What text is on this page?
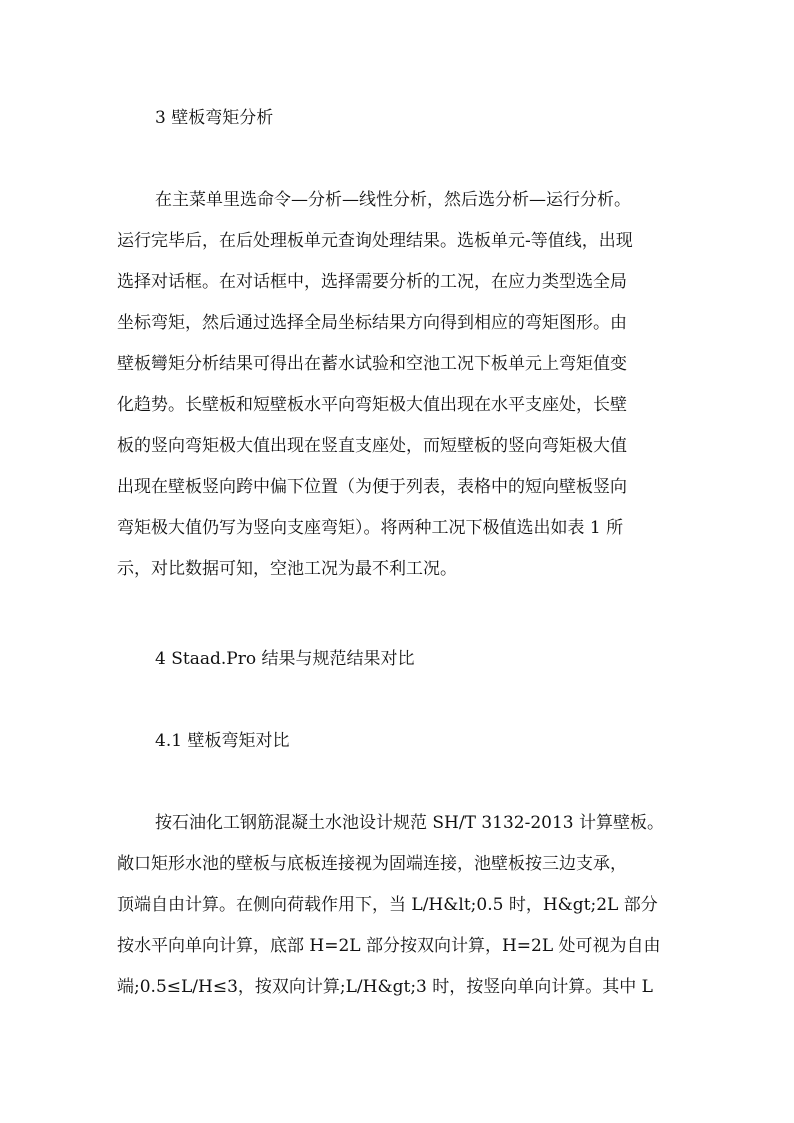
3 壁板弯矩分析
在主菜单里选命令—分析—线性分析，然后选分析—运行分析。
运行完毕后，在后处理板单元查询处理结果。选板单元-等值线，出现
选择对话框。在对话框中，选择需要分析的工况，在应力类型选全局
坐标弯矩，然后通过选择全局坐标结果方向得到相应的弯矩图形。由
壁板彎矩分析结果可得出在蓄水试验和空池工况下板单元上弯矩值变
化趋势。长壁板和短壁板水平向弯矩极大值出现在水平支座处，长壁
板的竖向弯矩极大值出现在竖直支座处，而短壁板的竖向弯矩极大值
出现在壁板竖向跨中偏下位置（为便于列表，表格中的短向壁板竖向
弯矩极大值仍写为竖向支座弯矩）。将两种工况下极值选出如表 1 所
示，对比数据可知，空池工况为最不利工况。
4 Staad.Pro 结果与规范结果对比
4.1 壁板弯矩对比
按石油化工钢筋混凝土水池设计规范 SH/T 3132-2013 计算壁板。
敞口矩形水池的壁板与底板连接视为固端连接，池壁板按三边支承，
顶端自由计算。在侧向荷载作用下，当 L/H&lt;0.5 时，H&gt;2L 部分
按水平向单向计算，底部 H=2L 部分按双向计算，H=2L 处可视为自由
端;0.5≤L/H≤3，按双向计算;L/H&gt;3 时，按竖向单向计算。其中 L
